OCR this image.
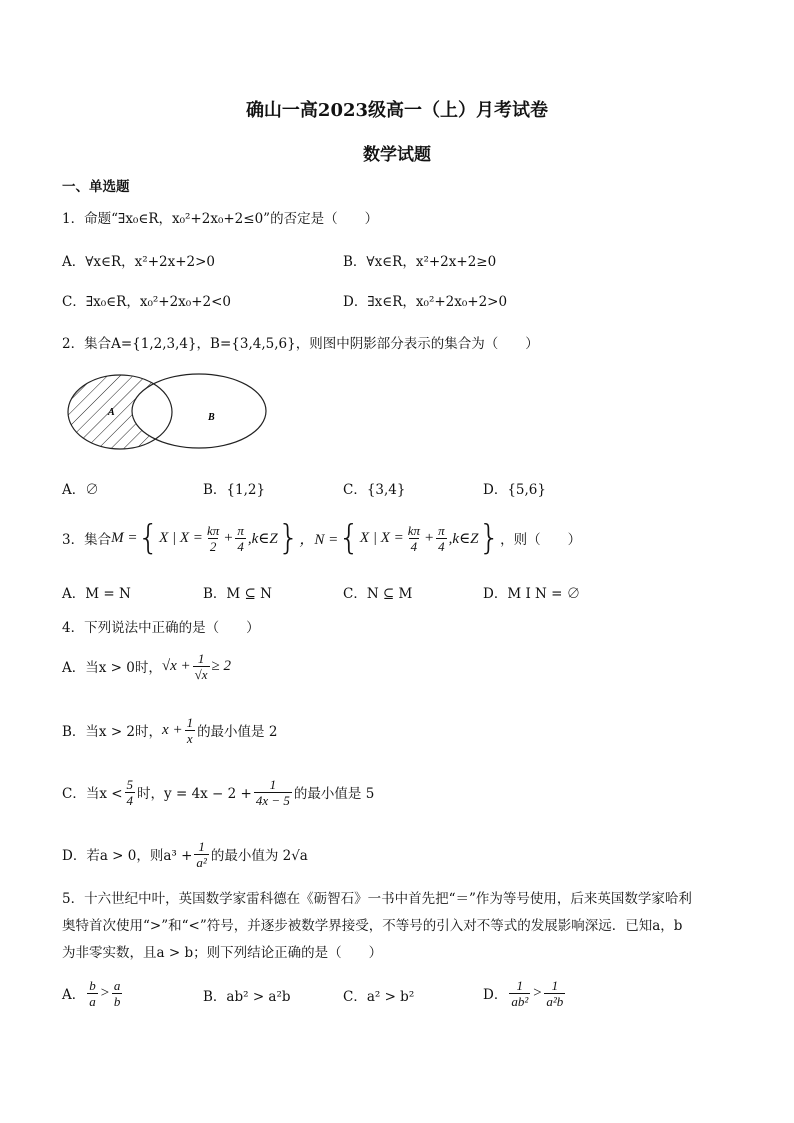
确山一高2023级高一（上）月考试卷
数学试题
一、单选题
1．命题“∃x₀∈R，x₀²+2x₀+2≤0”的否定是（　　）
A．∀x∈R，x²+2x+2>0	B．∀x∈R，x²+2x+2≥0
C．∃x₀∈R，x₀²+2x₀+2<0	D．∃x∈R，x₀²+2x₀+2>0
2．集合A={1,2,3,4}，B={3,4,5,6}，则图中阴影部分表示的集合为（　　）
A	B
A．∅	B．{1,2}	C．{3,4}	D．{5,6}
3．集合 M = { X | $X = \frac{k\pi}{2} + \frac{\pi}{4}$ ,k∈Z } ，N = { X | $X = \frac{k\pi}{4} + \frac{\pi}{4}$ ,k∈Z } ，则（　　）
A．M = N	B．M ⊆ N	C．N ⊆ M	D．M I N = ∅
4．下列说法中正确的是（　　）
A．当x > 0时， $√x + \frac{1}{√x} \ge 2$
B．当x > 2时， $x + \frac{1}{x}$ 的最小值是 2
C．当$x < \frac{5}{4}$ 时，$y = 4x - 2 + \frac{1}{4x - 5}$ 的最小值是 5
D．若a > 0，则$a^3 + \frac{1}{\text{a²}}$ 的最小值为 2√a
5．十六世纪中叶，英国数学家雷科德在《砺智石》一书中首先把“＝”作为等号使用，后来英国数学家哈利
奥特首次使用“>”和“<”符号，并逐步被数学界接受，不等号的引入对不等式的发展影响深远．已知a，b
为非零实数，且a > b；则下列结论正确的是（　　）
A． $\frac{b}{a} > \frac{a}{b}$	B．ab² > a²b	C．a² > b²	D． $\frac{1}{\text{ab²}} > \frac{1}{\text{a²b}}$
